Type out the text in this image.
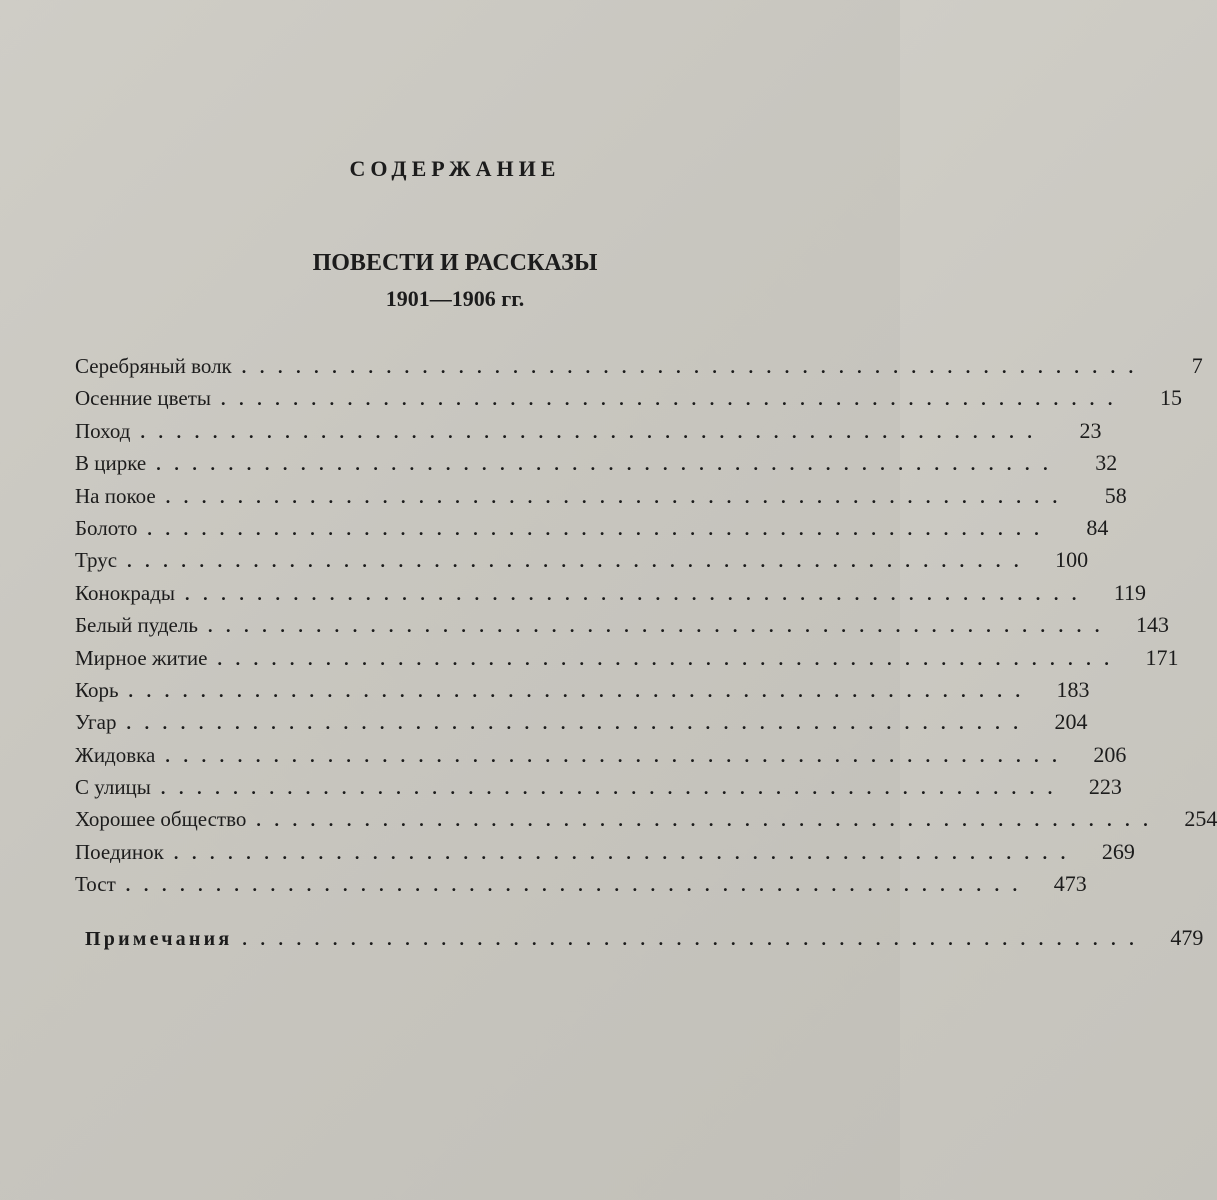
СОДЕРЖАНИЕ
ПОВЕСТИ И РАССКАЗЫ
1901—1906 гг.
Серебряный волк ..................................................	7
Осенние цветы ..................................................	15
Поход ..................................................	23
В цирке ..................................................	32
На покое ..................................................	58
Болото ..................................................	84
Трус ..................................................	100
Конокрады ..................................................	119
Белый пудель ..................................................	143
Мирное житие ..................................................	171
Корь ..................................................	183
Угар ..................................................	204
Жидовка ..................................................	206
С улицы ..................................................	223
Хорошее общество ..................................................	254
Поединок ..................................................	269
Тост ..................................................	473
Примечания ..................................................	479
